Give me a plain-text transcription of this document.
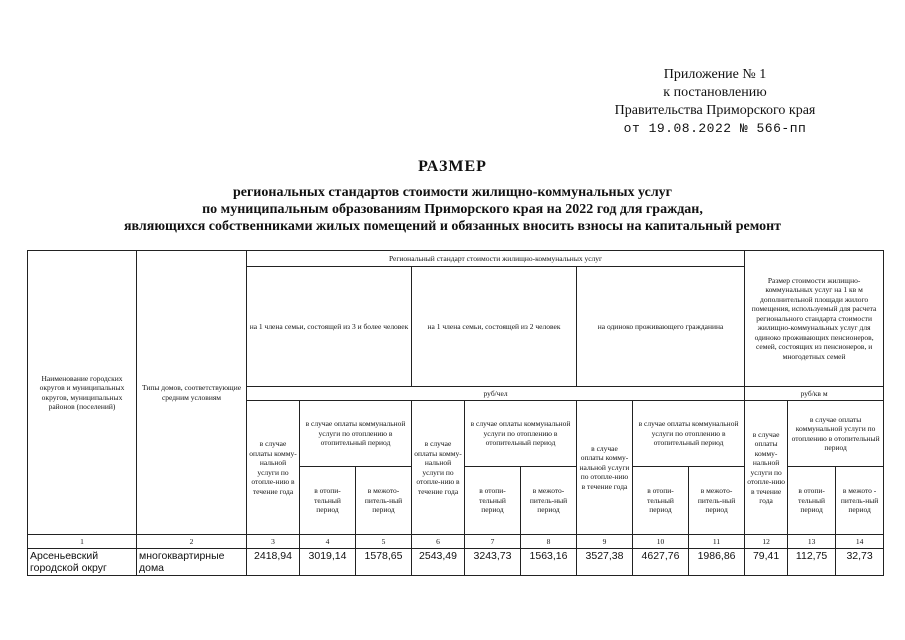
Приложение № 1
к постановлению
Правительства Приморского края
от 19.08.2022 № 566-пп
РАЗМЕР
региональных стандартов стоимости жилищно-коммунальных услуг
по муниципальным образованиям Приморского края на 2022 год для граждан,
являющихся собственниками жилых помещений и обязанных вносить взносы на капитальный ремонт
Наименование городских округов и муниципальных округов, муниципальных районов (поселений)	Типы домов, соответствующие средним условиям	Региональный стандарт стоимости жилищно-коммунальных услуг									Размер стоимости жилищно-коммунальных услуг на 1 кв м дополнительной площади жилого помещения, используемый для расчета регионального стандарта стоимости жилищно-коммунальных услуг для одиноко проживающих пенсионеров, семей, состоящих из пенсионеров, и многодетных семей		
		на 1 члена семьи, состоящей из 3 и более человек			на 1 члена семьи, состоящей из 2 человек			на одиноко проживающего гражданина					
		руб/чел									руб/кв м		
		в случае оплаты комму-нальной услуги по отопле-нию в течение года	в случае оплаты коммунальной услуги по отоплению в отопительный период		в случае оплаты комму-нальной услуги по отопле-нию в течение года	в случае оплаты коммунальной услуги по отоплению в отопительный период		в случае оплаты комму-нальной услуги по отопле-нию в течение года	в случае оплаты коммунальной услуги по отоплению в отопительный период		в случае оплаты комму-нальной услуги по отопле-нию в течение года	в случае оплаты коммунальной услуги по отоплению в отопительный период	
			в отопи-тельный период	в межото-питель-ный период		в отопи-тельный период	в межото-питель-ный период		в отопи-тельный период	в межото-питель-ный период		в отопи-тельный период	в межото - питель-ный период
1	2	3	4	5	6	7	8	9	10	11	12	13	14
Арсеньевский городской округ	многоквартирные дома	2418,94	3019,14	1578,65	2543,49	3243,73	1563,16	3527,38	4627,76	1986,86	79,41	112,75	32,73
